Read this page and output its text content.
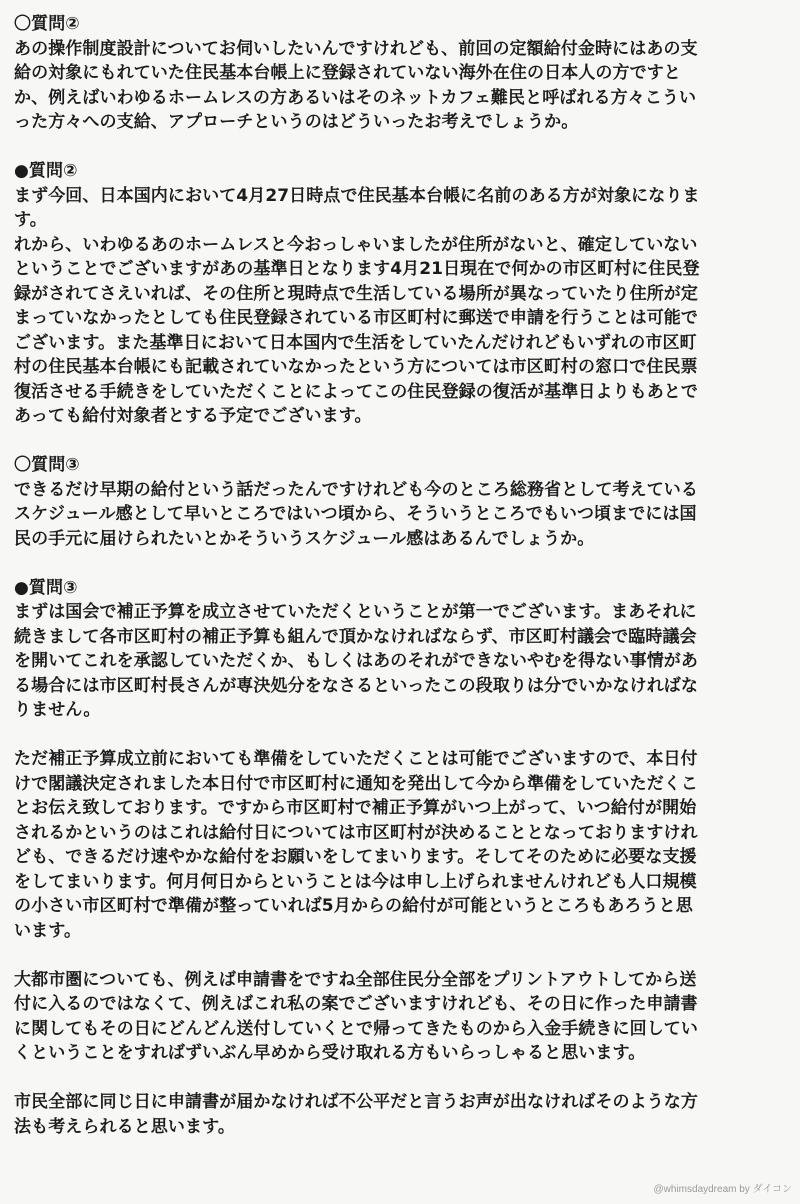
〇質問②
あの操作制度設計についてお伺いしたいんですけれども、前回の定額給付金時にはあの支
給の対象にもれていた住民基本台帳上に登録されていない海外在住の日本人の方ですと
か、例えばいわゆるホームレスの方あるいはそのネットカフェ難民と呼ばれる方々こうい
った方々への支給、アプローチというのはどういったお考えでしょうか。
●質問②
まず今回、日本国内において4月27日時点で住民基本台帳に名前のある方が対象になりま
す。
れから、いわゆるあのホームレスと今おっしゃいましたが住所がないと、確定していない
ということでございますがあの基準日となります4月21日現在で何かの市区町村に住民登
録がされてさえいれば、その住所と現時点で生活している場所が異なっていたり住所が定
まっていなかったとしても住民登録されている市区町村に郵送で申請を行うことは可能で
ございます。また基準日において日本国内で生活をしていたんだけれどもいずれの市区町
村の住民基本台帳にも記載されていなかったという方については市区町村の窓口で住民票
復活させる手続きをしていただくことによってこの住民登録の復活が基準日よりもあとで
あっても給付対象者とする予定でございます。
〇質問③
できるだけ早期の給付という話だったんですけれども今のところ総務省として考えている
スケジュール感として早いところではいつ頃から、そういうところでもいつ頃までには国
民の手元に届けられたいとかそういうスケジュール感はあるんでしょうか。
●質問③
まずは国会で補正予算を成立させていただくということが第一でございます。まあそれに
続きまして各市区町村の補正予算も組んで頂かなければならず、市区町村議会で臨時議会
を開いてこれを承認していただくか、もしくはあのそれができないやむを得ない事情があ
る場合には市区町村長さんが専決処分をなさるといったこの段取りは分でいかなければな
りません。
ただ補正予算成立前においても準備をしていただくことは可能でございますので、本日付
けで閣議決定されました本日付で市区町村に通知を発出して今から準備をしていただくこ
とお伝え致しております。ですから市区町村で補正予算がいつ上がって、いつ給付が開始
されるかというのはこれは給付日については市区町村が決めることとなっておりますけれ
ども、できるだけ速やかな給付をお願いをしてまいります。そしてそのために必要な支援
をしてまいります。何月何日からということは今は申し上げられませんけれども人口規模
の小さい市区町村で準備が整っていれば5月からの給付が可能というところもあろうと思
います。
大都市圏についても、例えば申請書をですね全部住民分全部をプリントアウトしてから送
付に入るのではなくて、例えばこれ私の案でございますけれども、その日に作った申請書
に関してもその日にどんどん送付していくとで帰ってきたものから入金手続きに回してい
くということをすればずいぶん早めから受け取れる方もいらっしゃると思います。
市民全部に同じ日に申請書が届かなければ不公平だと言うお声が出なければそのような方
法も考えられると思います。
@whimsdaydream by ダイコン
